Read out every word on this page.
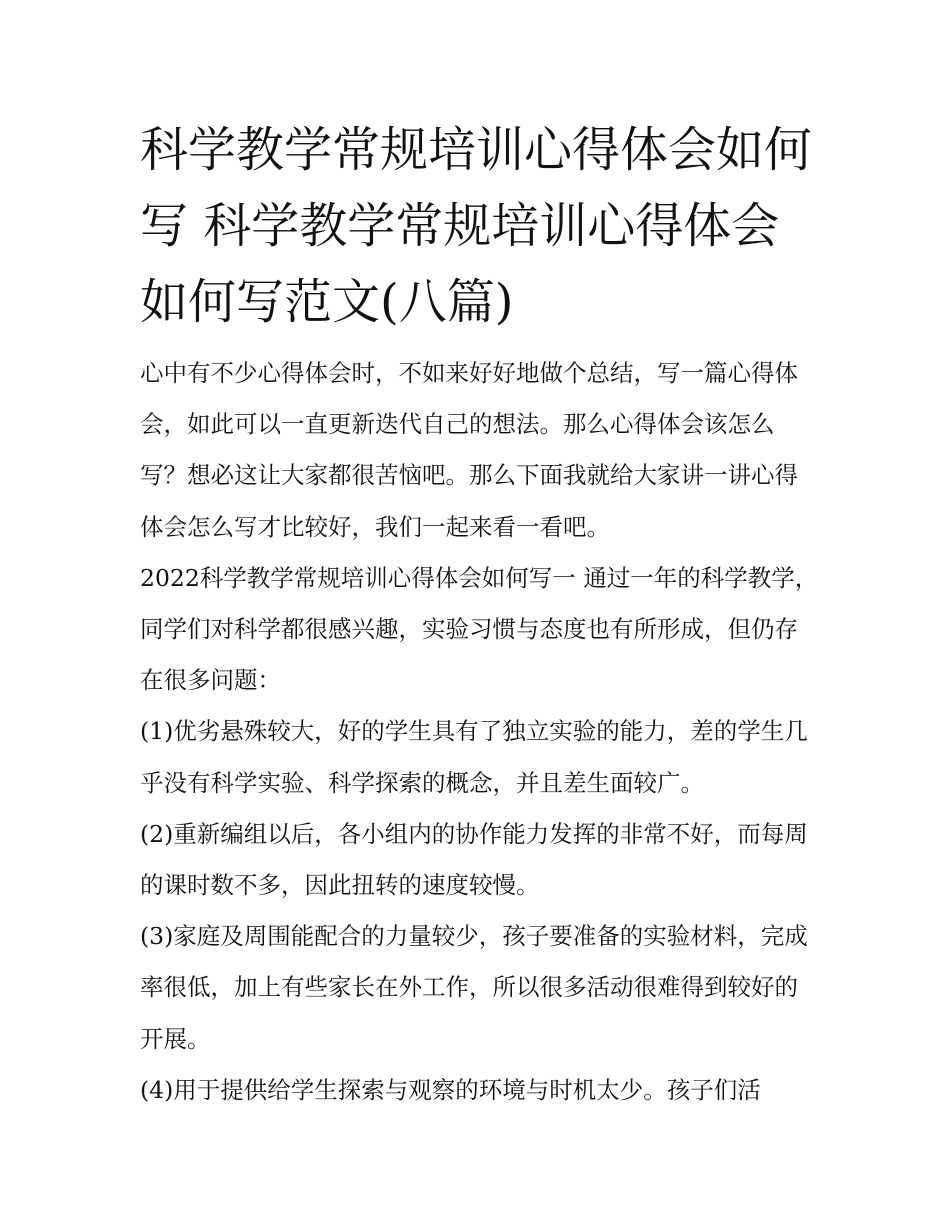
科学教学常规培训心得体会如何写 科学教学常规培训心得体会如何写范文(八篇)

心中有不少心得体会时，不如来好好地做个总结，写一篇心得体会，如此可以一直更新迭代自己的想法。那么心得体会该怎么写？想必这让大家都很苦恼吧。那么下面我就给大家讲一讲心得体会怎么写才比较好，我们一起来看一看吧。

2022科学教学常规培训心得体会如何写一 通过一年的科学教学，同学们对科学都很感兴趣，实验习惯与态度也有所形成，但仍存在很多问题：

(1)优劣悬殊较大，好的学生具有了独立实验的能力，差的学生几乎没有科学实验、科学探索的概念，并且差生面较广。

(2)重新编组以后，各小组内的协作能力发挥的非常不好，而每周的课时数不多，因此扭转的速度较慢。

(3)家庭及周围能配合的力量较少，孩子要准备的实验材料，完成率很低，加上有些家长在外工作，所以很多活动很难得到较好的开展。

(4)用于提供给学生探索与观察的环境与时机太少。孩子们活
